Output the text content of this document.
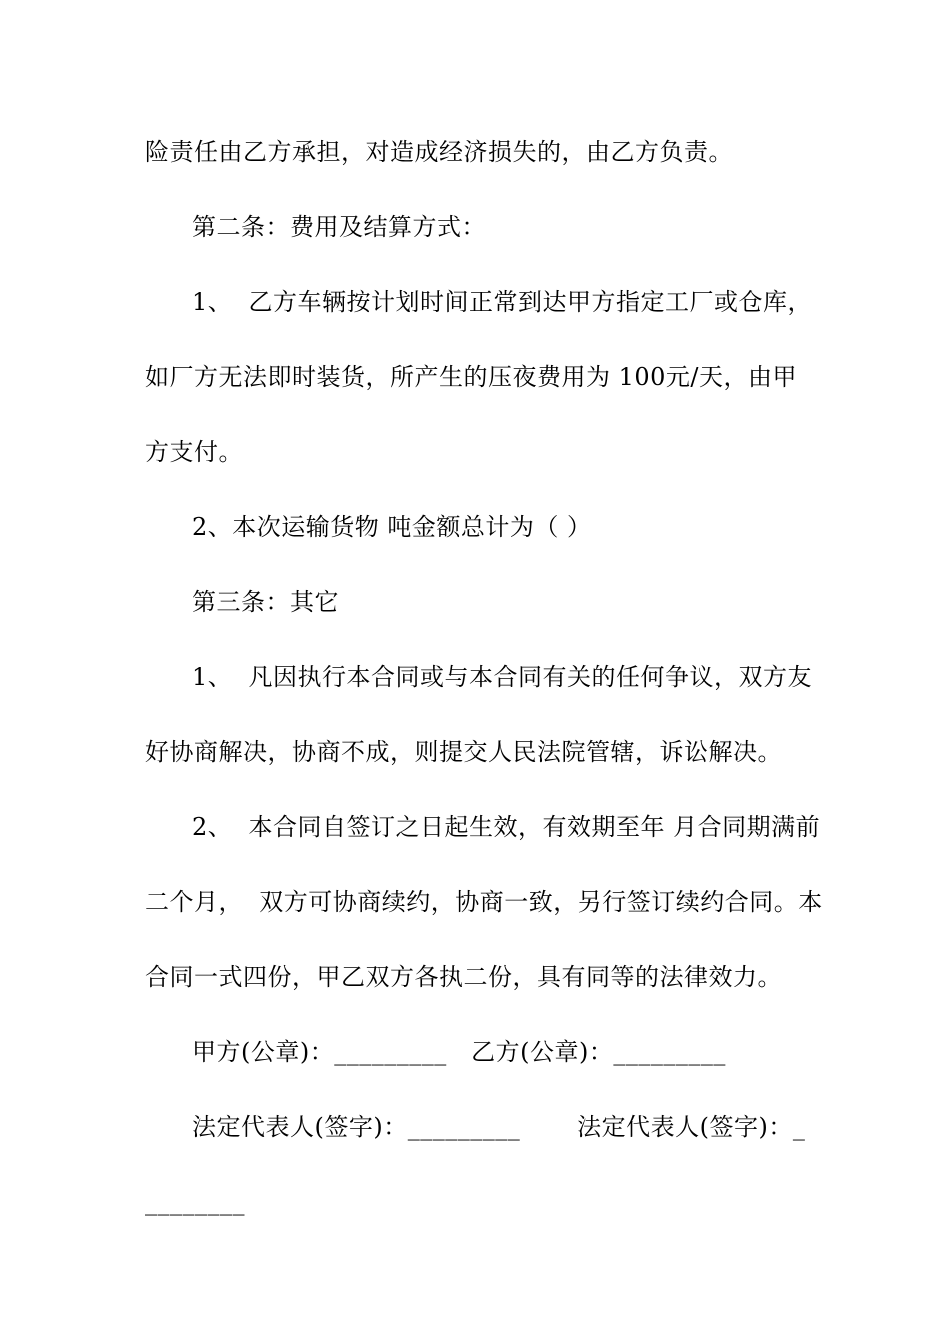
险责任由乙方承担，对造成经济损失的，由乙方负责。
第二条：费用及结算方式：
1、  乙方车辆按计划时间正常到达甲方指定工厂或仓库，
如厂方无法即时装货，所产生的压夜费用为 100元/天，由甲
方支付。
2、本次运输货物 吨金额总计为（ ）
第三条：其它
1、  凡因执行本合同或与本合同有关的任何争议，双方友
好协商解决，协商不成，则提交人民法院管辖，诉讼解决。
2、  本合同自签订之日起生效，有效期至年 月合同期满前
二个月，  双方可协商续约，协商一致，另行签订续约合同。本
合同一式四份，甲乙双方各执二份，具有同等的法律效力。
甲方(公章)：_________   乙方(公章)：_________
法定代表人(签字)：_________       法定代表人(签字)：_
________
